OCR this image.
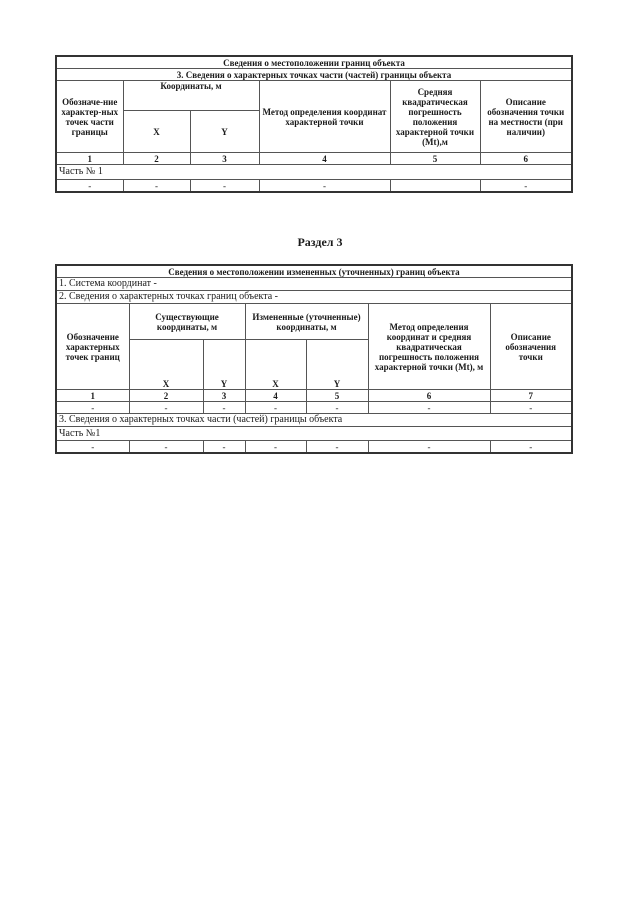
Сведения о местоположении границ объекта					
3. Сведения о характерных точках части (частей) границы объекта					
Обозначе-ние характер-ных точек части границы	Координаты, м		Метод определения координат характерной точки	Средняя квадратическая погрешность положения характерной точки (Mt),м	Описание обозначения точки на местности (при наличии)
	X	Y			
1	2	3	4	5	6
Часть № 1					
-	-	-	-		-
Раздел 3
Сведения о местоположении измененных (уточненных) границ объекта						
1. Система координат -						
2. Сведения о характерных точках границ объекта -						
Обозначение характерных точек границ	Существующие координаты, м		Измененные (уточненные) координаты, м		Метод определения координат и средняя квадратическая погрешность положения характерной точки (Mt), м	Описание обозначения точки
	X	Y	X	Y		
1	2	3	4	5	6	7
-	-	-	-	-	-	-
3. Сведения о характерных точках части (частей) границы объекта						
Часть №1						
-	-	-	-	-	-	-
